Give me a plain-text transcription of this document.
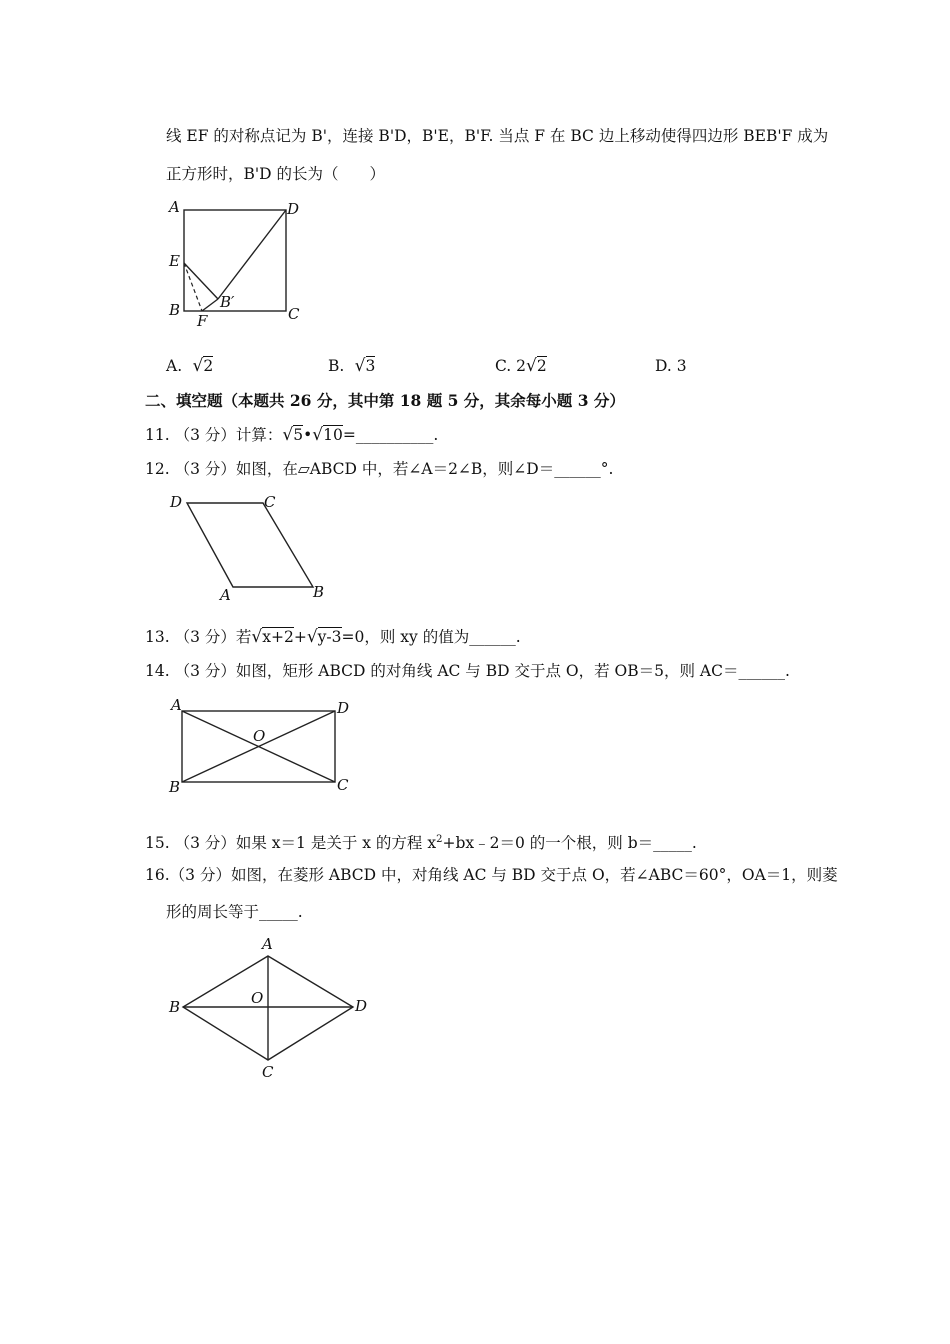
线 EF 的对称点记为 B'，连接 B'D，B'E，B'F. 当点 F 在 BC 边上移动使得四边形 BEB'F 成为
正方形时，B'D 的长为（　　）
A	D
E
B	C
F
B′
A.  √2	B.  √3	C. 2√2	D. 3
二、填空题（本题共 26 分，其中第 18 题 5 分，其余每小题 3 分）
11. （3 分）计算：√5•√10=__________.
12. （3 分）如图，在▱ABCD 中，若∠A＝2∠B，则∠D＝______°.
D	C
A	B
13. （3 分）若√x+2+√y-3=0，则 xy 的值为______.
14. （3 分）如图，矩形 ABCD 的对角线 AC 与 BD 交于点 O，若 OB＝5，则 AC＝______.
A	D
O
B	C
15. （3 分）如果 x＝1 是关于 x 的方程 $x^2+bx﹣2=0$ 的一个根，则 b＝_____.
16.（3 分）如图，在菱形 ABCD 中，对角线 AC 与 BD 交于点 O，若∠ABC＝60°，OA＝1，则菱
形的周长等于_____.
A
B	O	D
C
